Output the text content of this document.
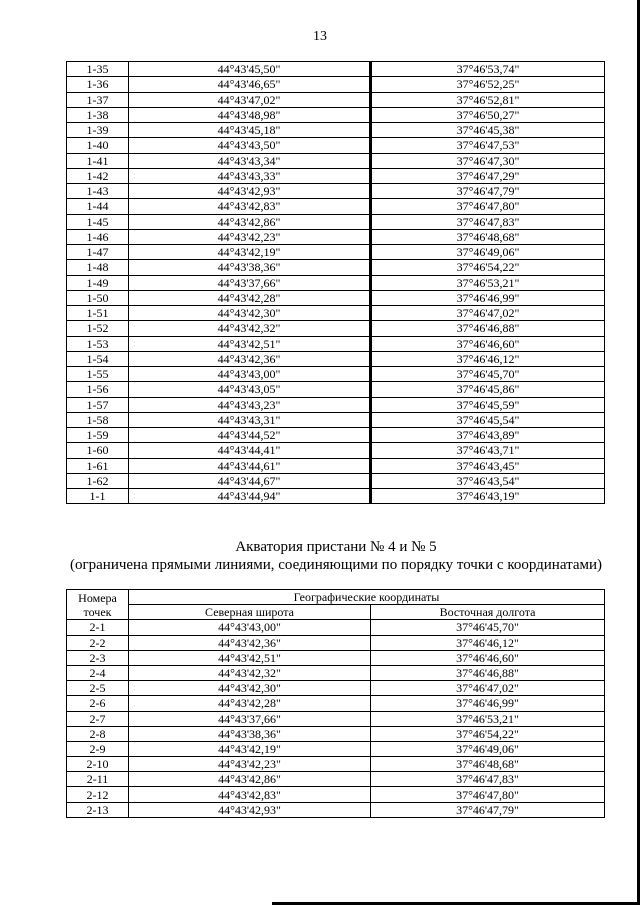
13
1-35	44°43'45,50"	37°46'53,74"
1-36	44°43'46,65"	37°46'52,25"
1-37	44°43'47,02"	37°46'52,81"
1-38	44°43'48,98"	37°46'50,27"
1-39	44°43'45,18"	37°46'45,38"
1-40	44°43'43,50"	37°46'47,53"
1-41	44°43'43,34"	37°46'47,30"
1-42	44°43'43,33"	37°46'47,29"
1-43	44°43'42,93"	37°46'47,79"
1-44	44°43'42,83"	37°46'47,80"
1-45	44°43'42,86"	37°46'47,83"
1-46	44°43'42,23"	37°46'48,68"
1-47	44°43'42,19"	37°46'49,06"
1-48	44°43'38,36"	37°46'54,22"
1-49	44°43'37,66"	37°46'53,21"
1-50	44°43'42,28"	37°46'46,99"
1-51	44°43'42,30"	37°46'47,02"
1-52	44°43'42,32"	37°46'46,88"
1-53	44°43'42,51"	37°46'46,60"
1-54	44°43'42,36"	37°46'46,12"
1-55	44°43'43,00"	37°46'45,70"
1-56	44°43'43,05"	37°46'45,86"
1-57	44°43'43,23"	37°46'45,59"
1-58	44°43'43,31"	37°46'45,54"
1-59	44°43'44,52"	37°46'43,89"
1-60	44°43'44,41"	37°46'43,71"
1-61	44°43'44,61"	37°46'43,45"
1-62	44°43'44,67"	37°46'43,54"
1-1	44°43'44,94"	37°46'43,19"
Акватория пристани № 4 и № 5
(ограничена прямыми линиями, соединяющими по порядку точки с координатами)
Номера точек	Географические координаты	
	Северная широта	Восточная долгота
2-1	44°43'43,00"	37°46'45,70"
2-2	44°43'42,36"	37°46'46,12"
2-3	44°43'42,51"	37°46'46,60"
2-4	44°43'42,32"	37°46'46,88"
2-5	44°43'42,30"	37°46'47,02"
2-6	44°43'42,28"	37°46'46,99"
2-7	44°43'37,66"	37°46'53,21"
2-8	44°43'38,36"	37°46'54,22"
2-9	44°43'42,19"	37°46'49,06"
2-10	44°43'42,23"	37°46'48,68"
2-11	44°43'42,86"	37°46'47,83"
2-12	44°43'42,83"	37°46'47,80"
2-13	44°43'42,93"	37°46'47,79"
